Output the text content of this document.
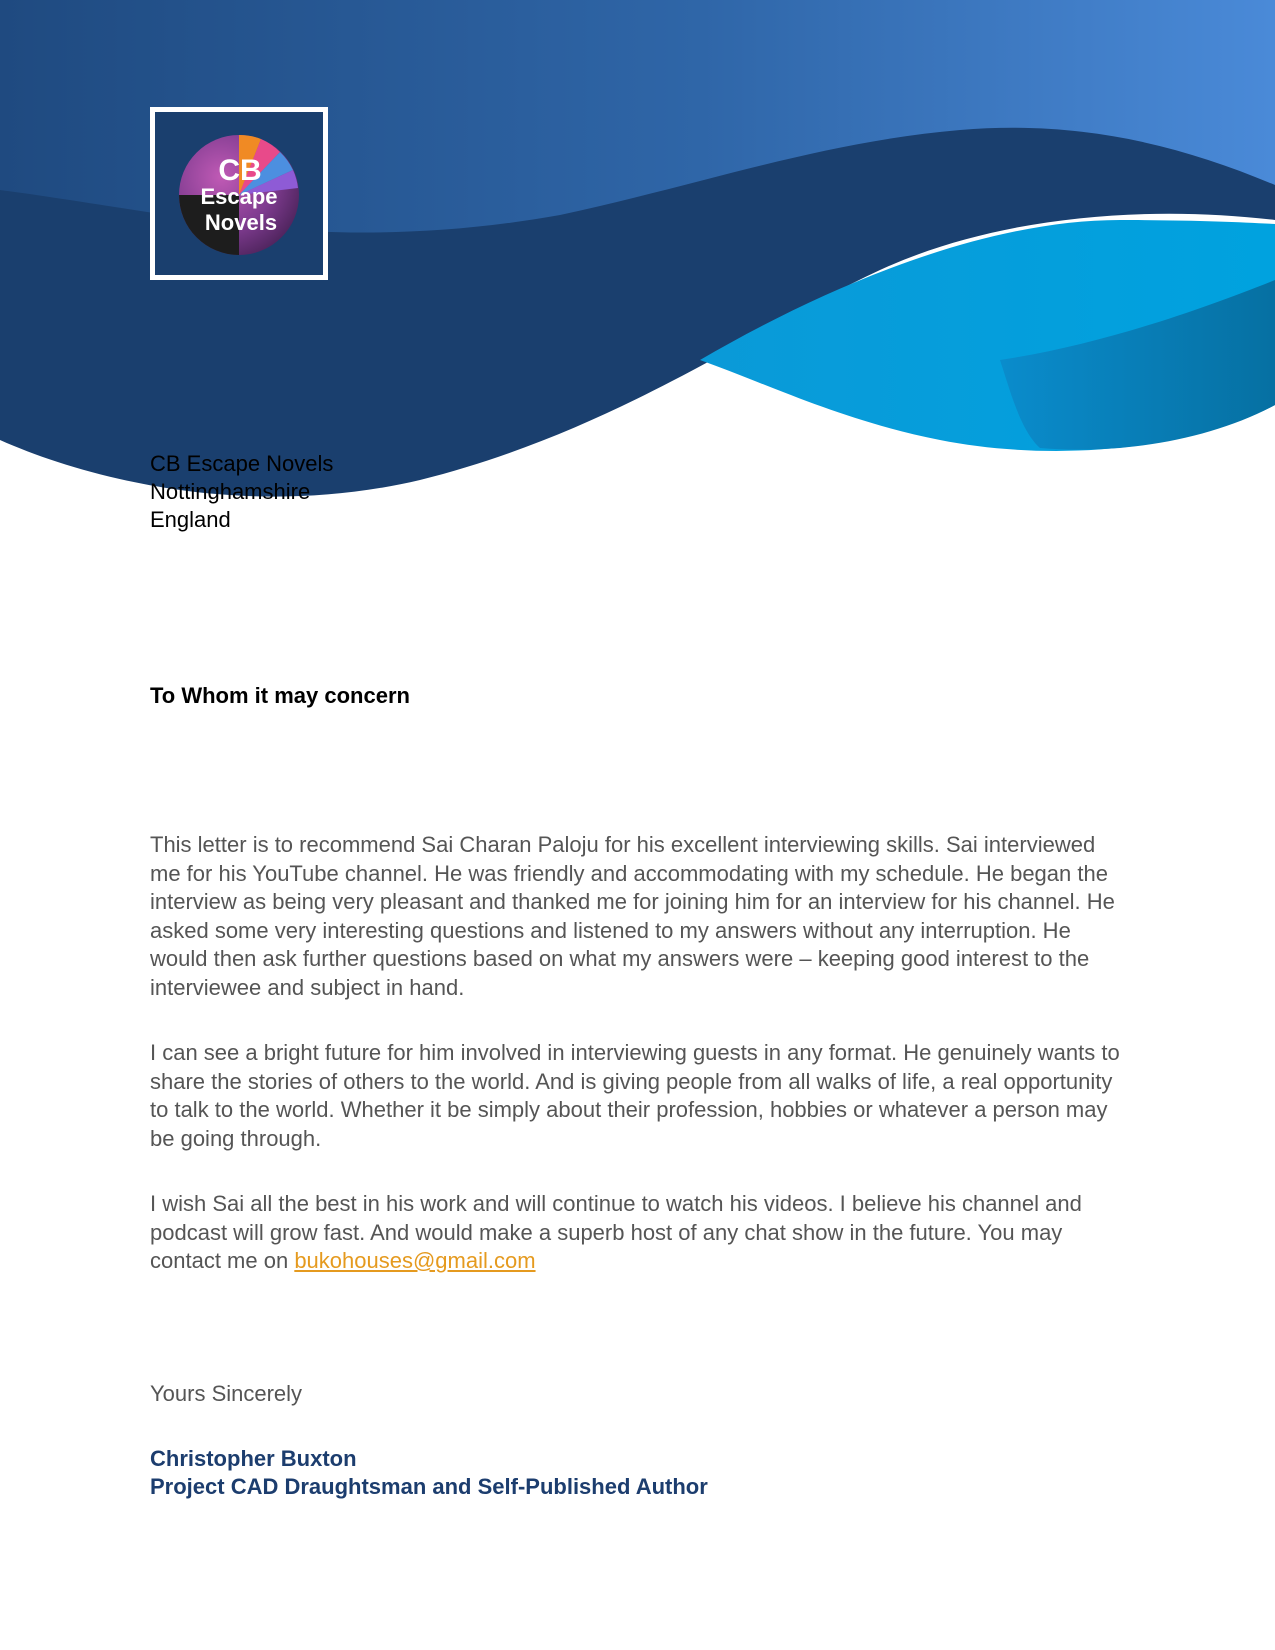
CB
Escape
Novels
CB Escape Novels
Nottinghamshire
England
To Whom it may concern

This letter is to recommend Sai Charan Paloju for his excellent interviewing skills. Sai interviewed me for his YouTube channel. He was friendly and accommodating with my schedule. He began the interview as being very pleasant and thanked me for joining him for an interview for his channel. He asked some very interesting questions and listened to my answers without any interruption. He would then ask further questions based on what my answers were – keeping good interest to the interviewee and subject in hand.

I can see a bright future for him involved in interviewing guests in any format. He genuinely wants to share the stories of others to the world. And is giving people from all walks of life, a real opportunity to talk to the world. Whether it be simply about their profession, hobbies or whatever a person may be going through.

I wish Sai all the best in his work and will continue to watch his videos. I believe his channel and podcast will grow fast. And would make a superb host of any chat show in the future. You may contact me on bukohouses@gmail.com

Yours Sincerely
Christopher Buxton
Project CAD Draughtsman and Self-Published Author
